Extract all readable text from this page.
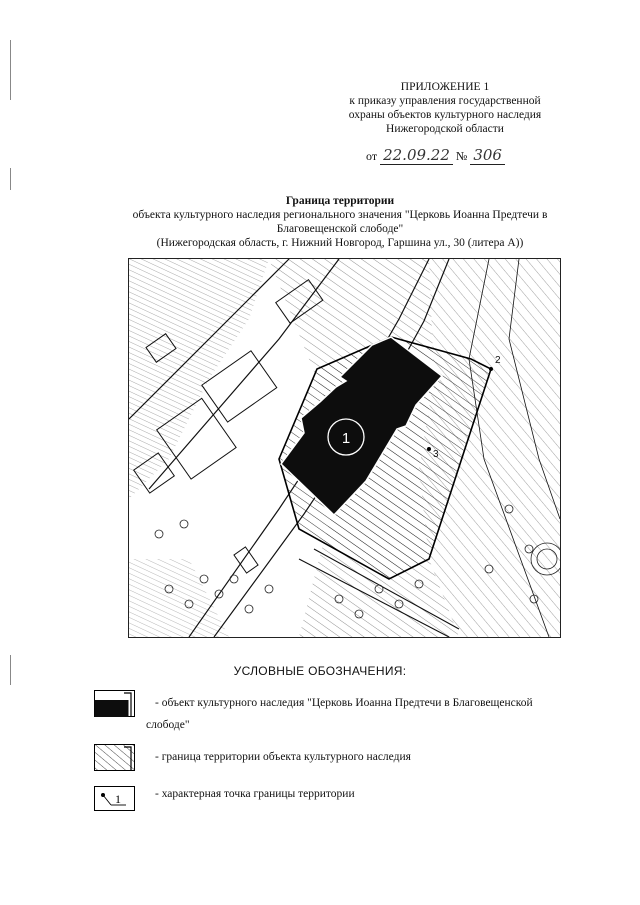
ПРИЛОЖЕНИЕ 1
к приказу управления государственной
охраны объектов культурного наследия
Нижегородской области
от 22.09.22 № 306
Граница территории
объекта культурного наследия регионального значения "Церковь Иоанна Предтечи в
Благовещенской слободе"
(Нижегородская область, г. Нижний Новгород, Гаршина ул., 30 (литера А))
1
2
3
УСЛОВНЫЕ ОБОЗНАЧЕНИЯ:
- объект культурного наследия "Церковь Иоанна Предтечи в Благовещенской
слободе"
- граница территории объекта культурного наследия
1	- характерная точка границы территории
